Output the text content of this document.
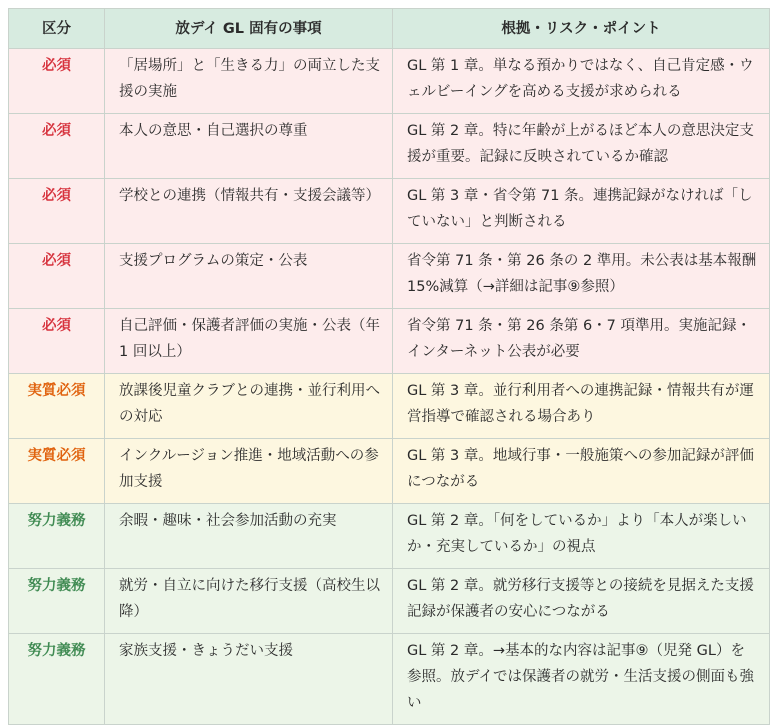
区分	放デイ GL 固有の事項	根拠・リスク・ポイント
必須	「居場所」と「生きる力」の両立した支援の実施	GL 第 1 章。単なる預かりではなく、自己肯定感・ウェルビーイングを高める支援が求められる
必須	本人の意思・自己選択の尊重	GL 第 2 章。特に年齢が上がるほど本人の意思決定支援が重要。記録に反映されているか確認
必須	学校との連携（情報共有・支援会議等）	GL 第 3 章・省令第 71 条。連携記録がなければ「していない」と判断される
必須	支援プログラムの策定・公表	省令第 71 条・第 26 条の 2 準用。未公表は基本報酬 15%減算（→詳細は記事⑨参照）
必須	自己評価・保護者評価の実施・公表（年 1 回以上）	省令第 71 条・第 26 条第 6・7 項準用。実施記録・インターネット公表が必要
実質必須	放課後児童クラブとの連携・並行利用への対応	GL 第 3 章。並行利用者への連携記録・情報共有が運営指導で確認される場合あり
実質必須	インクルージョン推進・地域活動への参加支援	GL 第 3 章。地域行事・一般施策への参加記録が評価につながる
努力義務	余暇・趣味・社会参加活動の充実	GL 第 2 章。「何をしているか」より「本人が楽しいか・充実しているか」の視点
努力義務	就労・自立に向けた移行支援（高校生以降）	GL 第 2 章。就労移行支援等との接続を見据えた支援記録が保護者の安心につながる
努力義務	家族支援・きょうだい支援	GL 第 2 章。→基本的な内容は記事⑨（児発 GL）を参照。放デイでは保護者の就労・生活支援の側面も強い
